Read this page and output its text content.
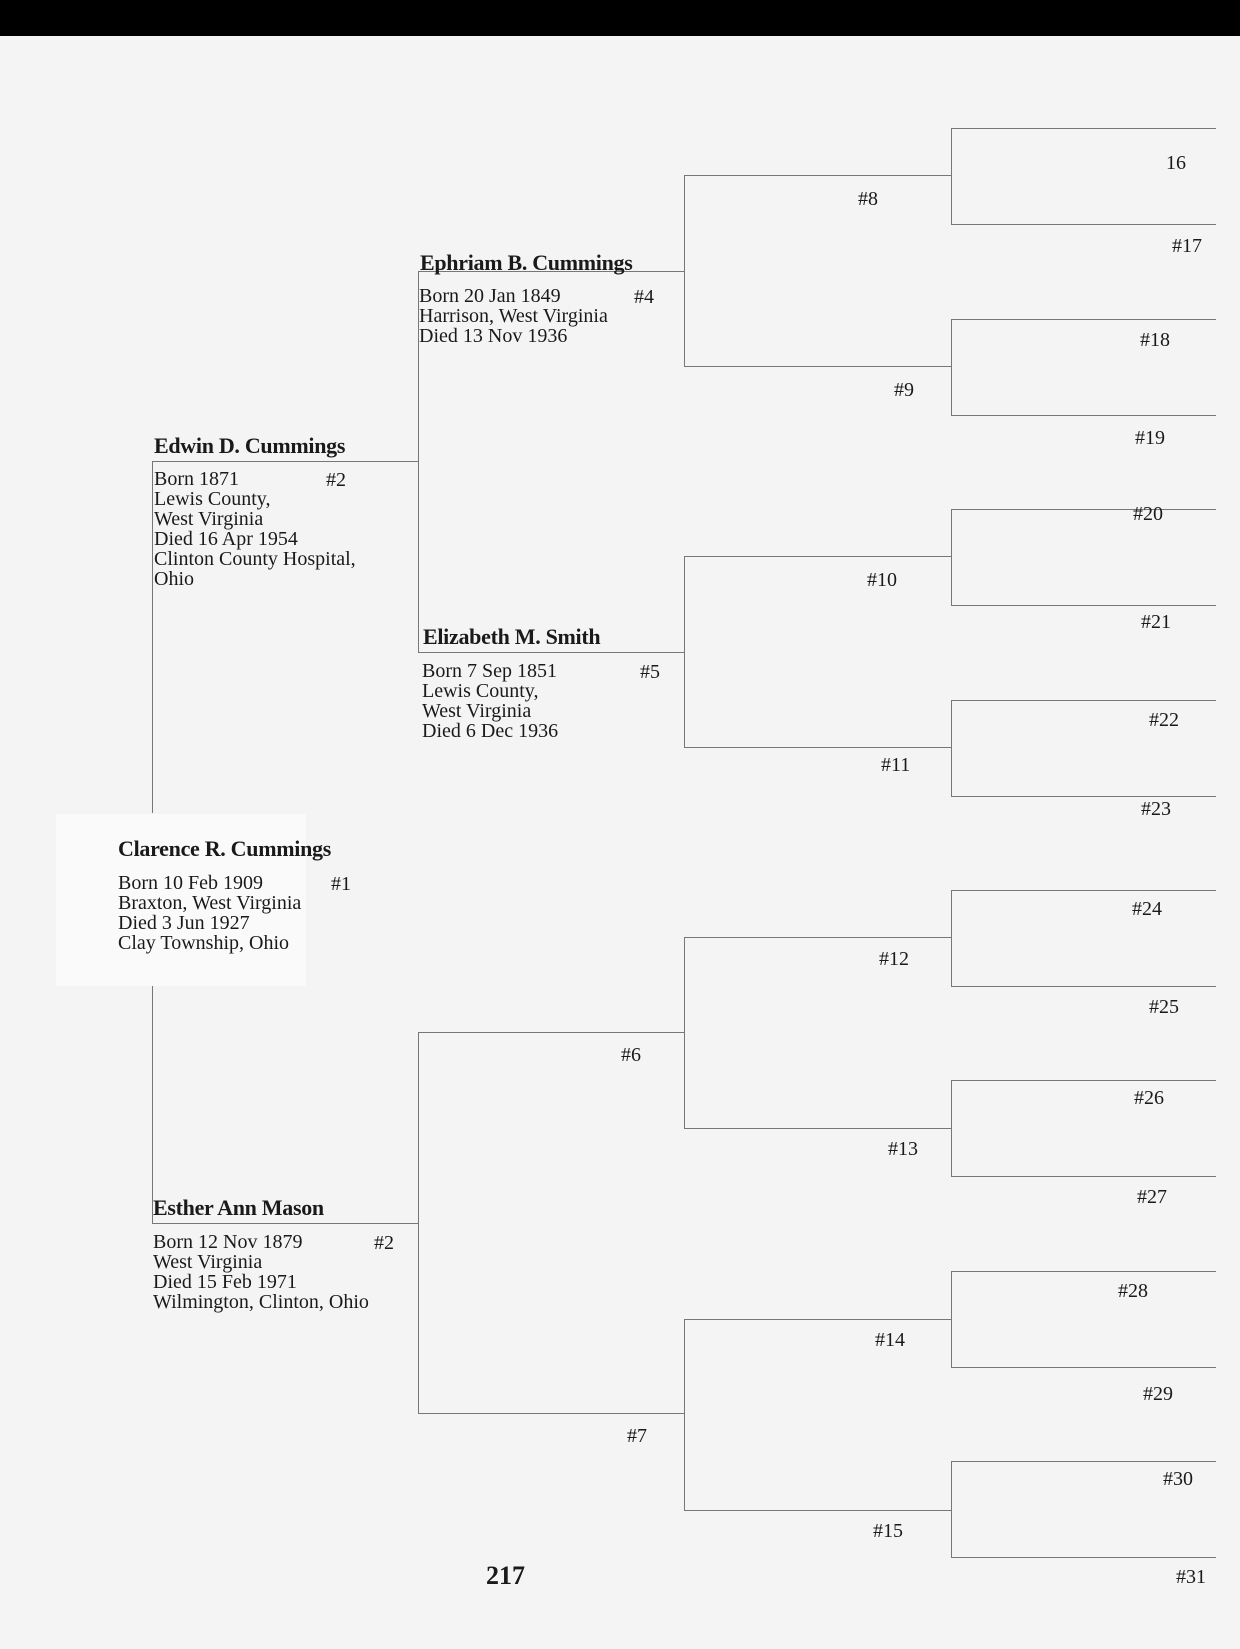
Clarence R. Cummings
Born 10 Feb 1909
Braxton, West Virginia
Died 3 Jun 1927
Clay Township, Ohio
#1
Edwin D. Cummings
Born 1871
Lewis County,
West Virginia
Died 16 Apr 1954
Clinton County Hospital,
Ohio
#2
Esther Ann Mason
Born 12 Nov 1879
West Virginia
Died 15 Feb 1971
Wilmington, Clinton, Ohio
#2
Ephriam B. Cummings
Born 20 Jan 1849
Harrison, West Virginia
Died 13 Nov 1936
#4
Elizabeth M. Smith
Born 7 Sep 1851
Lewis County,
West Virginia
Died 6 Dec 1936
#5
#6
#7
#8
#9
#10
#11
#12
#13
#14
#15
16
#17
#18
#19
#20
#21
#22
#23
#24
#25
#26
#27
#28
#29
#30
#31
217
